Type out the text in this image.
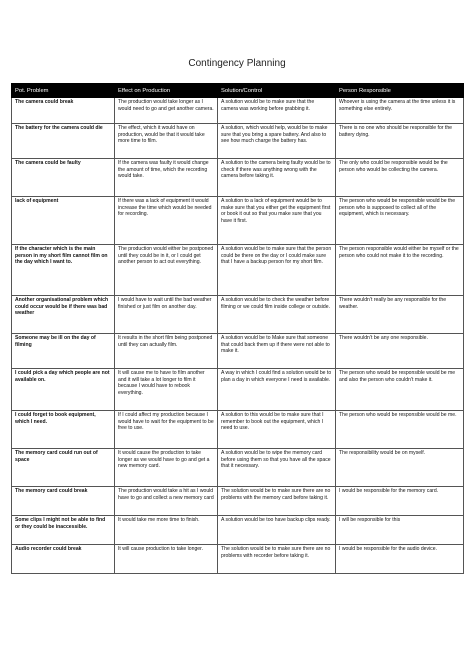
Contingency Planning
Pot. Problem	Effect on Production	Solution/Control	Person Responsible
The camera could break	The production would take longer as I would need to go and get another camera.	A solution would be to make sure that the camera was working before grabbing it.	Whoever is using the camera at the time unless it is something else entirely.
The battery for the camera could die	The effect, which it would have on production, would be that it would take more time to film.	A solution, which would help, would be to make sure that you bring a spare battery. And also to see how much charge the battery has.	There is no one who should be responsible for the battery dying.
The camera could be faulty	If the camera was faulty it would change the amount of time, which the recording would take.	A solution to the camera being faulty would be to check if there was anything wrong with the camera before taking it.	The only who could be responsible would be the person who would be collecting the camera.
lack of equipment	If there was a lack of equipment it would increase the time which would be needed for recording.	A solution to a lack of equipment would be to make sure that you either get the equipment first or book it out so that you make sure that you have it first.	The person who would be responsible would be the person who is supposed to collect all of the equipment, which is necessary.
If the character which is the main person in my short film cannot film on the day which I want to.	The production would either be postponed until they could be in it, or I could get another person to act out everything.	A solution would be to make sure that the person could be there on the day or I could make sure that I have a backup person for my short film.	The person responsible would either be myself or the person who could not make it to the recording.
Another organisational problem which could occur would be if there was bad weather	I would have to wait until the bad weather finished or just film on another day.	A solution would be to check the weather before filming or we could film inside college or outside.	There wouldn’t really be any responsible for the weather.
Someone may be ill on the day of filming	It results in the short film being postponed until they can actually film.	A solution would be to Make sure that someone that could back them up if there were not able to make it.	There wouldn’t be any one responsible.
I could pick a day which people are not available on.	It will cause me to have to film another and it will take a lot longer to film it because I would have to rebook everything.	A way in which I could find a solution would be to plan a day in which everyone I need is available.	The person who would be responsible would be me and also the person who couldn’t make it.
I could forget to book equipment, which I need.	If I could affect my production because I would have to wait for the equipment to be free to use.	A solution to this would be to make sure that I remember to book out the equipment, which I need to use.	The person who would be responsible would be me.
The memory card could run out of space	It would cause the production to take longer as we would have to go and get a new memory card.	A solution would be to wipe the memory card before using them so that you have all the space that it necessary.	The responsibility would be on myself.
The memory card could break	The production would take a hit as I would have to go and collect a new memory card	The solution would be to make sure there are no problems with the memory card before taking it.	I would be responsible for the memory card.
Some clips I might not be able to find or they could be inaccessible.	It would take me more time to finish.	A solution would be too have backup clips ready.	I will be responsible for this
Audio recorder could break	It will cause production to take longer.	The solution would be to make sure there are no problems with recorder before taking it.	I would be responsible for the audio device.
